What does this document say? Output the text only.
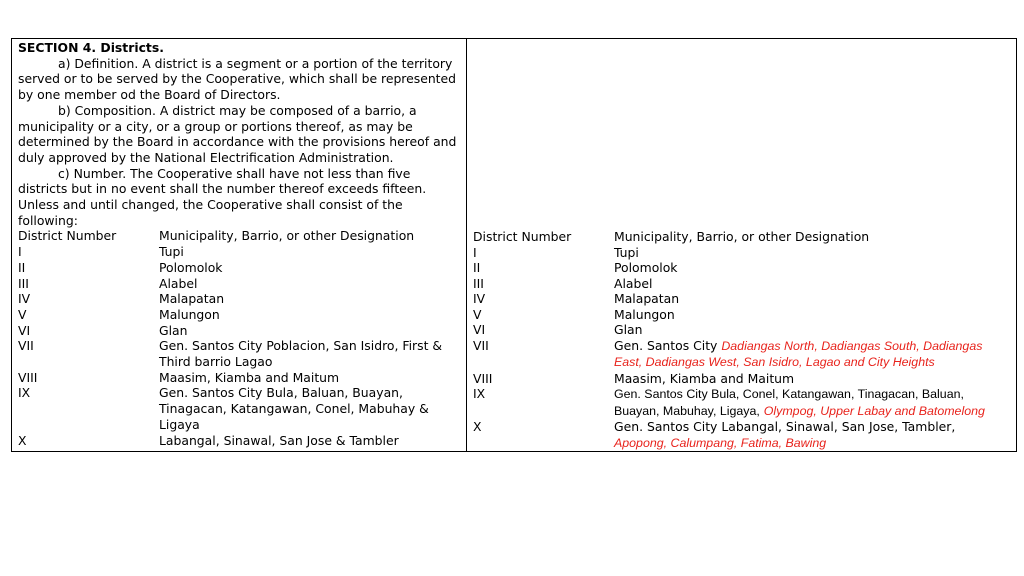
SECTION 4. Districts.

a) Definition. A district is a segment or a portion of the territory served or to be served by the Cooperative, which shall be represented by one member od the Board of Directors.

b) Composition. A district may be composed of a barrio, a municipality or a city, or a group or portions thereof, as may be determined by the Board in accordance with the provisions hereof and duly approved by the National Electrification Administration.

c) Number. The Cooperative shall have not less than five districts but in no event shall the number thereof exceeds fifteen.

Unless and until changed, the Cooperative shall consist of the following:

District Number	Municipality, Barrio, or other Designation
I	Tupi
II	Polomolok
III	Alabel
IV	Malapatan
V	Malungon
VI	Glan
VII	Gen. Santos City Poblacion, San Isidro, First & Third barrio Lagao
VIII	Maasim, Kiamba and Maitum
IX	Gen. Santos City Bula, Baluan, Buayan, Tinagacan, Katangawan, Conel, Mabuhay & Ligaya
X	Labangal, Sinawal, San Jose & Tambler

District Number	Municipality, Barrio, or other Designation
I	Tupi
II	Polomolok
III	Alabel
IV	Malapatan
V	Malungon
VI	Glan
VII	Gen. Santos City Dadiangas North, Dadiangas South, Dadiangas East, Dadiangas West, San Isidro, Lagao and City Heights
VIII	Maasim, Kiamba and Maitum
IX	Gen. Santos City Bula, Conel, Katangawan, Tinagacan, Baluan, Buayan, Mabuhay, Ligaya, Olympog, Upper Labay and Batomelong
X	Gen. Santos City Labangal, Sinawal, San Jose, Tambler, Apopong, Calumpang, Fatima, Bawing
